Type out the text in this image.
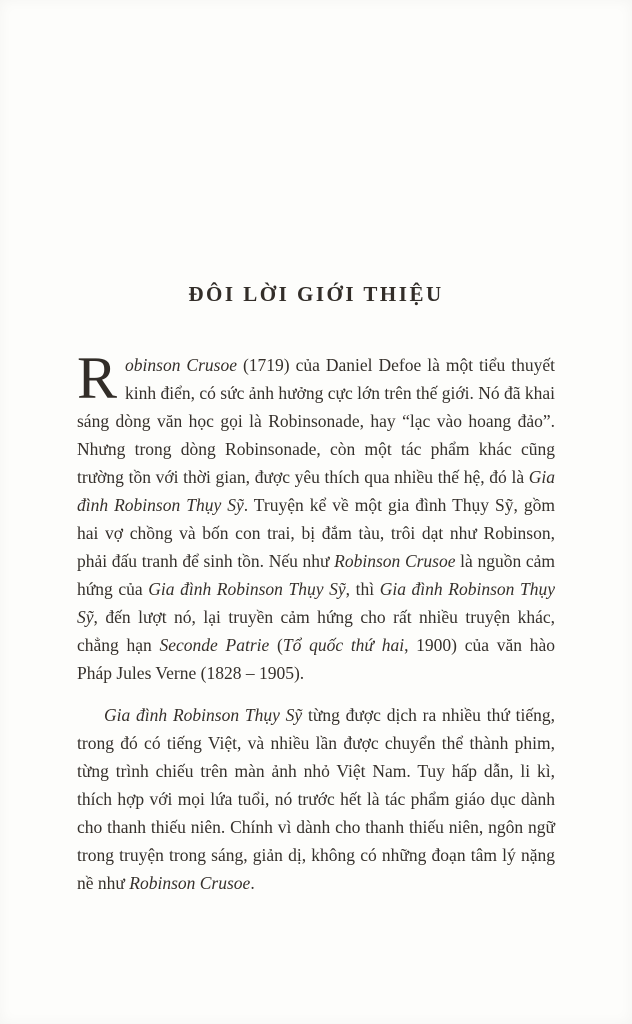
ĐÔI LỜI GIỚI THIỆU

Robinson Crusoe (1719) của Daniel Defoe là một tiểu thuyết kinh điển, có sức ảnh hưởng cực lớn trên thế giới. Nó đã khai sáng dòng văn học gọi là Robinsonade, hay “lạc vào hoang đảo”. Nhưng trong dòng Robinsonade, còn một tác phẩm khác cũng trường tồn với thời gian, được yêu thích qua nhiều thế hệ, đó là Gia đình Robinson Thụy Sỹ. Truyện kể về một gia đình Thụy Sỹ, gồm hai vợ chồng và bốn con trai, bị đắm tàu, trôi dạt như Robinson, phải đấu tranh để sinh tồn. Nếu như Robinson Crusoe là nguồn cảm hứng của Gia đình Robinson Thụy Sỹ, thì Gia đình Robinson Thụy Sỹ, đến lượt nó, lại truyền cảm hứng cho rất nhiều truyện khác, chẳng hạn Seconde Patrie (Tổ quốc thứ hai, 1900) của văn hào Pháp Jules Verne (1828 – 1905).

Gia đình Robinson Thụy Sỹ từng được dịch ra nhiều thứ tiếng, trong đó có tiếng Việt, và nhiều lần được chuyển thể thành phim, từng trình chiếu trên màn ảnh nhỏ Việt Nam. Tuy hấp dẫn, li kì, thích hợp với mọi lứa tuổi, nó trước hết là tác phẩm giáo dục dành cho thanh thiếu niên. Chính vì dành cho thanh thiếu niên, ngôn ngữ trong truyện trong sáng, giản dị, không có những đoạn tâm lý nặng nề như Robinson Crusoe.
